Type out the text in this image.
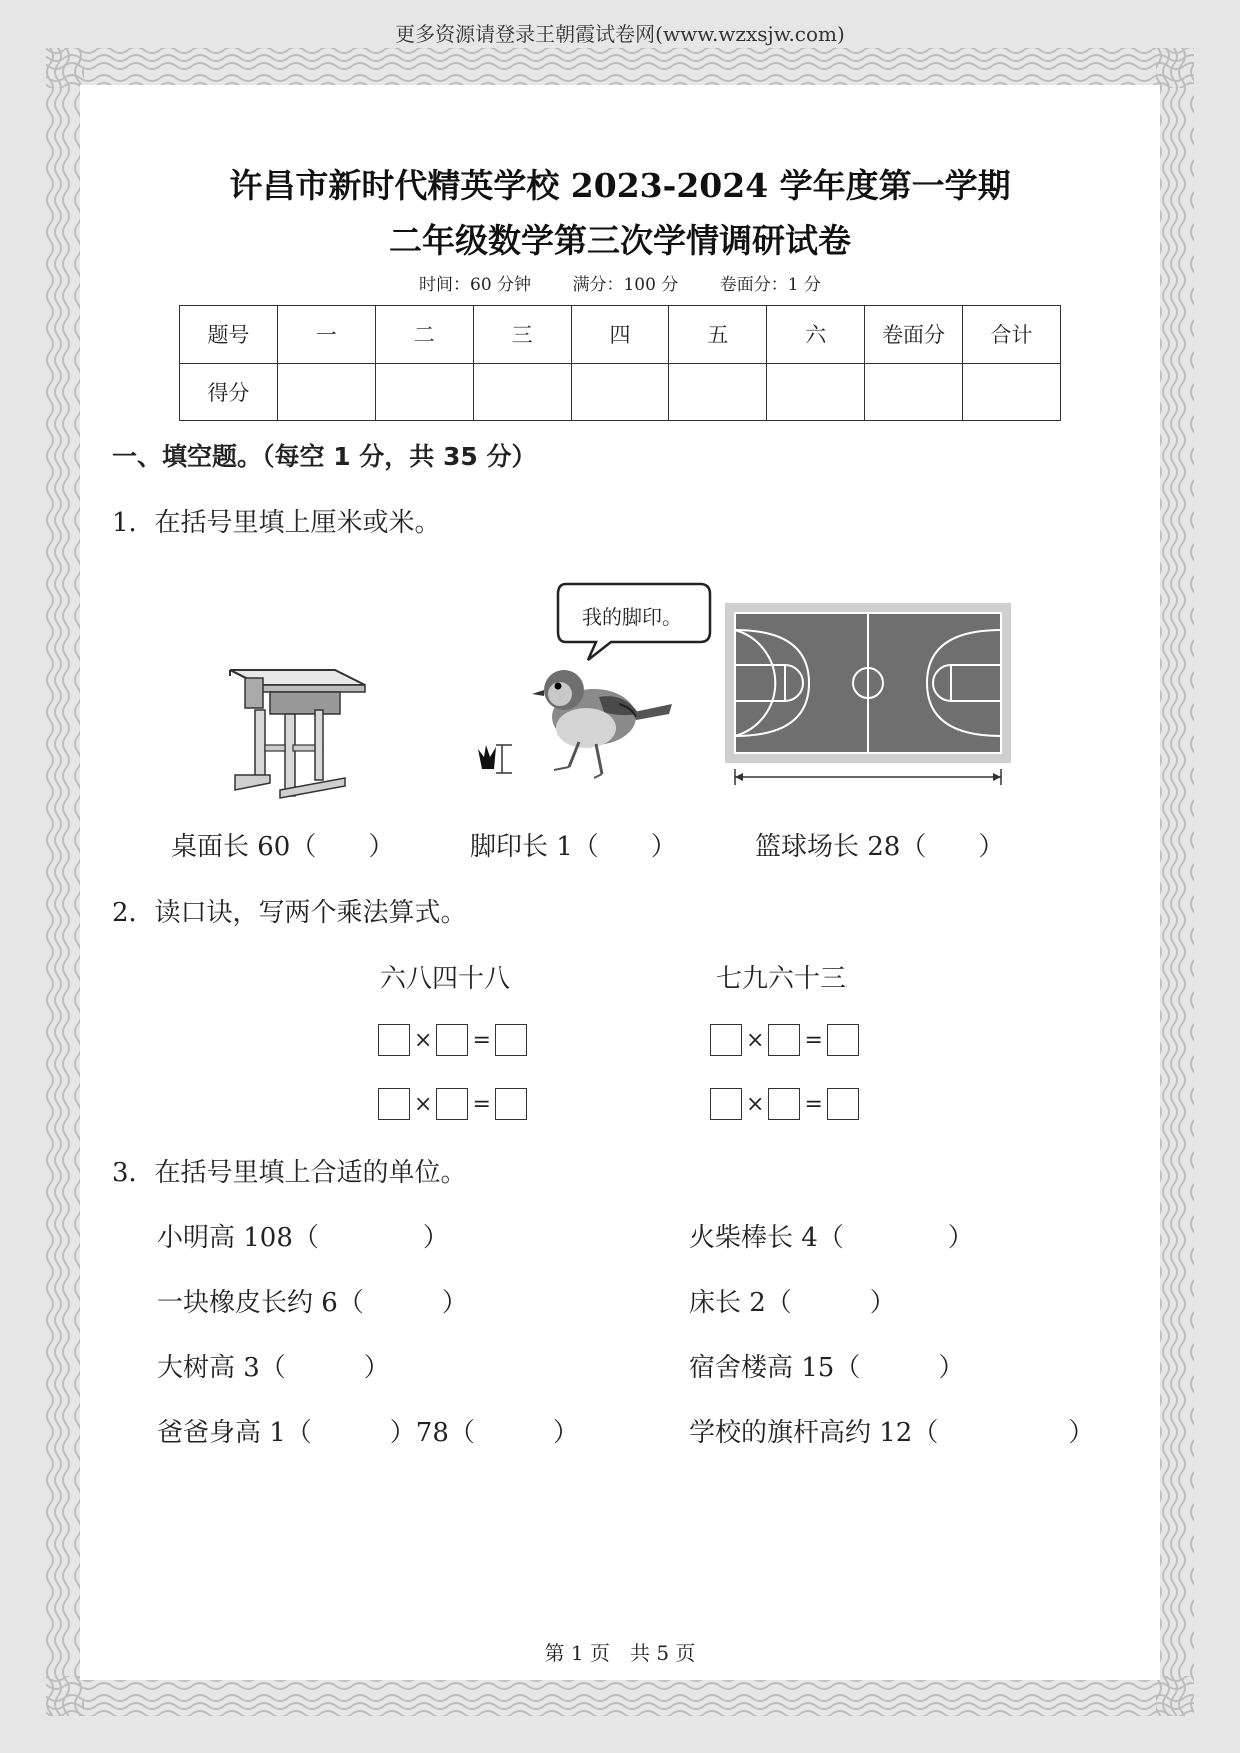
更多资源请登录王朝霞试卷网(www.wzxsjw.com)
许昌市新时代精英学校 2023-2024 学年度第一学期
二年级数学第三次学情调研试卷
时间：60 分钟 满分：100 分 卷面分：1 分
题号	一	二	三	四	五	六	卷面分	合计
得分								
一、填空题。（每空 1 分，共 35 分）
1．在括号里填上厘米或米。
我的脚印。
桌面长 60（　　）	脚印长 1（　　）	篮球场长 28（　　）
2．读口诀，写两个乘法算式。
六八四十八	七九六十三
× =	× =
× =	× =
3．在括号里填上合适的单位。
小明高 108（　　　　）
一块橡皮长约 6（　　　）
大树高 3（　　　）
爸爸身高 1（　　　）78（　　　）
火柴棒长 4（　　　　）
床长 2（　　　）
宿舍楼高 15（　　　）
学校的旗杆高约 12（　　　　　）
第 1 页　共 5 页
